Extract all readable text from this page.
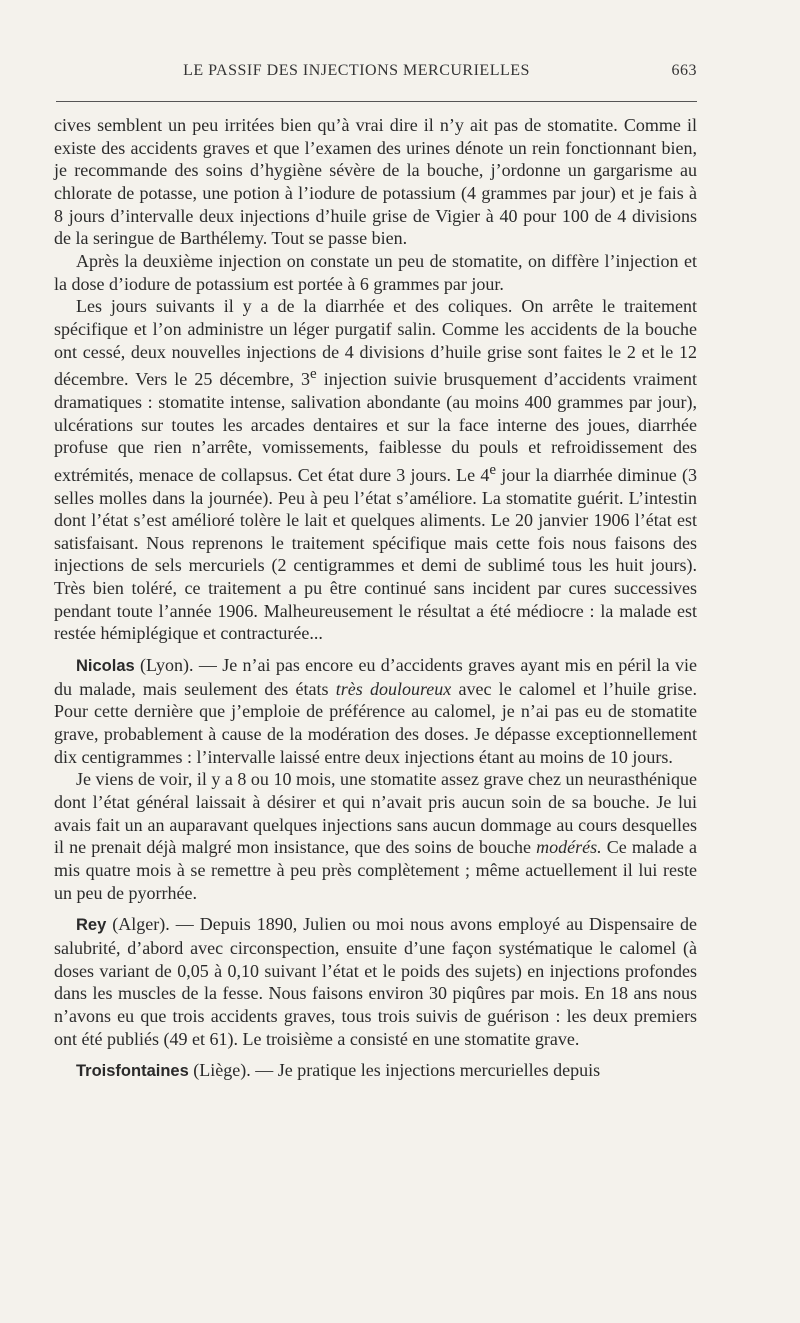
LE PASSIF DES INJECTIONS MERCURIELLES	663

cives semblent un peu irritées bien qu’à vrai dire il n’y ait pas de stomatite. Comme il existe des accidents graves et que l’examen des urines dénote un rein fonctionnant bien, je recommande des soins d’hygiène sévère de la bouche, j’ordonne un gargarisme au chlorate de potasse, une potion à l’iodure de potassium (4 grammes par jour) et je fais à 8 jours d’intervalle deux injections d’huile grise de Vigier à 40 pour 100 de 4 divisions de la seringue de Barthélemy. Tout se passe bien.

Après la deuxième injection on constate un peu de stomatite, on diffère l’injection et la dose d’iodure de potassium est portée à 6 grammes par jour.

Les jours suivants il y a de la diarrhée et des coliques. On arrête le traitement spécifique et l’on administre un léger purgatif salin. Comme les accidents de la bouche ont cessé, deux nouvelles injections de 4 divisions d’huile grise sont faites le 2 et le 12 décembre. Vers le 25 décembre, 3e injection suivie brusquement d’accidents vraiment dramatiques : stomatite intense, salivation abondante (au moins 400 grammes par jour), ulcérations sur toutes les arcades dentaires et sur la face interne des joues, diarrhée profuse que rien n’arrête, vomissements, faiblesse du pouls et refroidissement des extrémités, menace de collapsus. Cet état dure 3 jours. Le 4e jour la diarrhée diminue (3 selles molles dans la journée). Peu à peu l’état s’améliore. La stomatite guérit. L’intestin dont l’état s’est amélioré tolère le lait et quelques aliments. Le 20 janvier 1906 l’état est satisfaisant. Nous reprenons le traitement spécifique mais cette fois nous faisons des injections de sels mercuriels (2 centigrammes et demi de sublimé tous les huit jours). Très bien toléré, ce traitement a pu être continué sans incident par cures successives pendant toute l’année 1906. Malheureusement le résultat a été médiocre : la malade est restée hémiplégique et contracturée...

Nicolas (Lyon). — Je n’ai pas encore eu d’accidents graves ayant mis en péril la vie du malade, mais seulement des états très douloureux avec le calomel et l’huile grise. Pour cette dernière que j’emploie de préférence au calomel, je n’ai pas eu de stomatite grave, probablement à cause de la modération des doses. Je dépasse exceptionnellement dix centigrammes : l’intervalle laissé entre deux injections étant au moins de 10 jours.

Je viens de voir, il y a 8 ou 10 mois, une stomatite assez grave chez un neurasthénique dont l’état général laissait à désirer et qui n’avait pris aucun soin de sa bouche. Je lui avais fait un an auparavant quelques injections sans aucun dommage au cours desquelles il ne prenait déjà malgré mon insistance, que des soins de bouche modérés. Ce malade a mis quatre mois à se remettre à peu près complètement ; même actuellement il lui reste un peu de pyorrhée.

Rey (Alger). — Depuis 1890, Julien ou moi nous avons employé au Dispensaire de salubrité, d’abord avec circonspection, ensuite d’une façon systématique le calomel (à doses variant de 0,05 à 0,10 suivant l’état et le poids des sujets) en injections profondes dans les muscles de la fesse. Nous faisons environ 30 piqûres par mois. En 18 ans nous n’avons eu que trois accidents graves, tous trois suivis de guérison : les deux premiers ont été publiés (49 et 61). Le troisième a consisté en une stomatite grave.

Troisfontaines (Liège). — Je pratique les injections mercurielles depuis
